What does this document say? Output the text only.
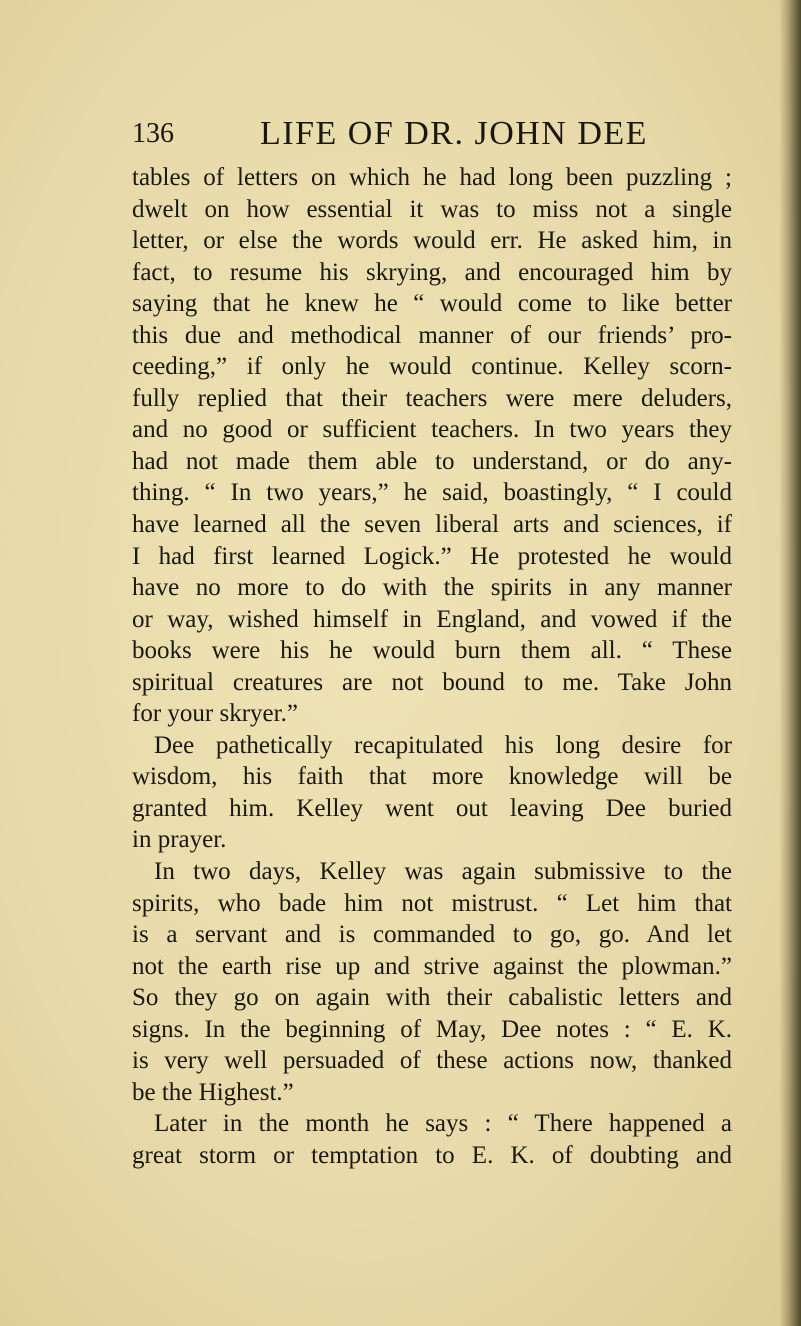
136	LIFE OF DR. JOHN DEE
tables of letters on which he had long been puzzling ;
dwelt on how essential it was to miss not a single
letter, or else the words would err. He asked him, in
fact, to resume his skrying, and encouraged him by
saying that he knew he “ would come to like better
this due and methodical manner of our friends’ pro-
ceeding,” if only he would continue. Kelley scorn-
fully replied that their teachers were mere deluders,
and no good or sufficient teachers. In two years they
had not made them able to understand, or do any-
thing. “ In two years,” he said, boastingly, “ I could
have learned all the seven liberal arts and sciences, if
I had first learned Logick.” He protested he would
have no more to do with the spirits in any manner
or way, wished himself in England, and vowed if the
books were his he would burn them all. “ These
spiritual creatures are not bound to me. Take John
for your skryer.”
Dee pathetically recapitulated his long desire for
wisdom, his faith that more knowledge will be
granted him. Kelley went out leaving Dee buried
in prayer.
In two days, Kelley was again submissive to the
spirits, who bade him not mistrust. “ Let him that
is a servant and is commanded to go, go. And let
not the earth rise up and strive against the plowman.”
So they go on again with their cabalistic letters and
signs. In the beginning of May, Dee notes : “ E. K.
is very well persuaded of these actions now, thanked
be the Highest.”
Later in the month he says : “ There happened a
great storm or temptation to E. K. of doubting and
